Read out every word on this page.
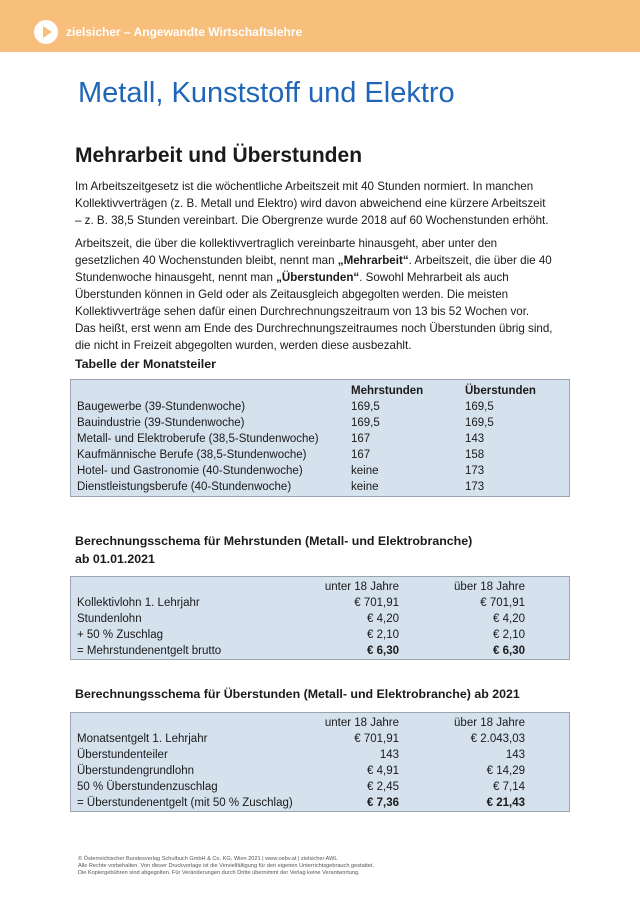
zielsicher – Angewandte Wirtschaftslehre
Metall, Kunststoff und Elektro
Mehrarbeit und Überstunden

Im Arbeitszeitgesetz ist die wöchentliche Arbeitszeit mit 40 Stunden normiert. In manchen
Kollektivverträgen (z. B. Metall und Elektro) wird davon abweichend eine kürzere Arbeitszeit
– z. B. 38,5 Stunden vereinbart. Die Obergrenze wurde 2018 auf 60 Wochenstunden erhöht.

Arbeitszeit, die über die kollektivvertraglich vereinbarte hinausgeht, aber unter den
gesetzlichen 40 Wochenstunden bleibt, nennt man „Mehrarbeit“. Arbeitszeit, die über die 40
Stundenwoche hinausgeht, nennt man „Überstunden“. Sowohl Mehrarbeit als auch
Überstunden können in Geld oder als Zeitausgleich abgegolten werden. Die meisten
Kollektivverträge sehen dafür einen Durchrechnungszeitraum von 13 bis 52 Wochen vor.
Das heißt, erst wenn am Ende des Durchrechnungszeitraumes noch Überstunden übrig sind,
die nicht in Freizeit abgegolten wurden, werden diese ausbezahlt.

Tabelle der Monatsteiler
Mehrstunden	Überstunden
Baugewerbe (39-Stundenwoche)	169,5	169,5
Bauindustrie (39-Stundenwoche)	169,5	169,5
Metall- und Elektroberufe (38,5-Stundenwoche)	167	143
Kaufmännische Berufe (38,5-Stundenwoche)	167	158
Hotel- und Gastronomie (40-Stundenwoche)	keine	173
Dienstleistungsberufe (40-Stundenwoche)	keine	173
Berechnungsschema für Mehrstunden (Metall- und Elektrobranche)
ab 01.01.2021
unter 18 Jahre	über 18 Jahre
Kollektivlohn 1. Lehrjahr	€ 701,91	€ 701,91
Stundenlohn	€ 4,20	€ 4,20
+ 50 % Zuschlag	€ 2,10	€ 2,10
= Mehrstundenentgelt brutto	€ 6,30	€ 6,30
Berechnungsschema für Überstunden (Metall- und Elektrobranche) ab 2021
unter 18 Jahre	über 18 Jahre
Monatsentgelt 1. Lehrjahr	€ 701,91	€ 2.043,03
Überstundenteiler	143	143
Überstundengrundlohn	€ 4,91	€ 14,29
50 % Überstundenzuschlag	€ 2,45	€ 7,14
= Überstundenentgelt (mit 50 % Zuschlag)	€ 7,36	€ 21,43
© Österreichischer Bundesverlag Schulbuch GmbH & Co. KG, Wien 2021 | www.oebv.at | zielsicher AWL
Alle Rechte vorbehalten. Von dieser Druckvorlage ist die Vervielfältigung für den eigenen Unterrichtsgebrauch gestattet.
Die Kopiergebühren sind abgegolten. Für Veränderungen durch Dritte übernimmt der Verlag keine Verantwortung.
